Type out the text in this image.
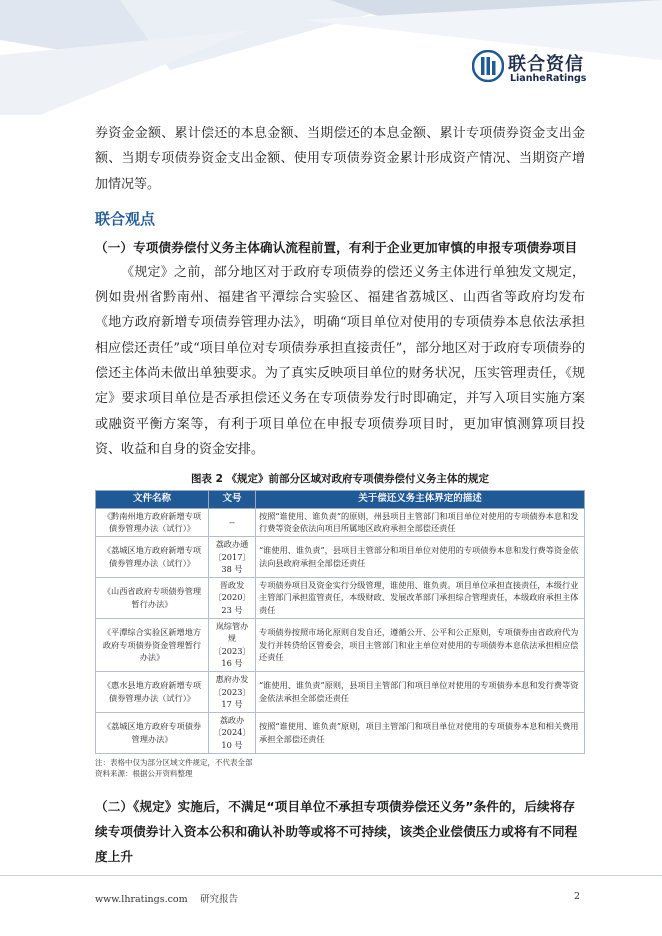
联合资信
LianheRatings

券资金金额、累计偿还的本息金额、当期偿还的本息金额、累计专项债券资金支出金额、当期专项债券资金支出金额、使用专项债券资金累计形成资产情况、当期资产增加情况等。

联合观点

（一）专项债券偿付义务主体确认流程前置，有利于企业更加审慎的申报专项债券项目

《规定》之前，部分地区对于政府专项债券的偿还义务主体进行单独发文规定，例如贵州省黔南州、福建省平潭综合实验区、福建省荔城区、山西省等政府均发布《地方政府新增专项债券管理办法》，明确“项目单位对使用的专项债券本息依法承担相应偿还责任”或“项目单位对专项债券承担直接责任”，部分地区对于政府专项债券的偿还主体尚未做出单独要求。为了真实反映项目单位的财务状况，压实管理责任，《规定》要求项目单位是否承担偿还义务在专项债券发行时即确定，并写入项目实施方案或融资平衡方案等，有利于项目单位在申报专项债券项目时，更加审慎测算项目投资、收益和自身的资金安排。

图表 2 《规定》前部分区域对政府专项债券偿付义务主体的规定
文件名称	文号	关于偿还义务主体界定的描述
《黔南州地方政府新增专项债券管理办法（试行）》	--	按照“谁使用、谁负责”的原则，州县项目主管部门和项目单位对使用的专项债券本息和发行费等资金依法向项目所属地区政府承担全部偿还责任
《荔城区地方政府新增专项债券管理办法（试行）》	荔政办通〔2017〕38 号	“谁使用、谁负责”，县项目主管部分和项目单位对使用的专项债券本息和发行费等资金依法向县政府承担全部偿还责任
《山西省政府专项债券管理暂行办法》	晋政发〔2020〕23 号	专项债券项目及资金实行分级管理，谁使用、谁负责。项目单位承担直接责任，本级行业主管部门承担监管责任，本级财政、发展改革部门承担综合管理责任，本级政府承担主体责任
《平潭综合实验区新增地方政府专项债券资金管理暂行办法》	岚综管办规〔2023〕16 号	专项债券按照市场化原则自发自还，遵循公开、公平和公正原则，专项债券由省政府代为发行并转贷给区管委会，项目主管部门和业主单位对使用的专项债券本息依法承担相应偿还责任
《惠水县地方政府新增专项债券管理办法（试行）》	惠府办发〔2023〕17 号	“谁使用、谁负责”原则，县项目主管部门和项目单位对使用的专项债券本息和发行费等资金依法承担全部偿还责任
《荔城区地方政府专项债券管理办法》	荔政办〔2024〕10 号	按照“谁使用、谁负责”原则，项目主管部门和项目单位对使用的专项债券本息和相关费用承担全部偿还责任
注：表格中仅为部分区域文件规定，不代表全部
资料来源：根据公开资料整理

（二）《规定》实施后，不满足“项目单位不承担专项债券偿还义务”条件的，后续将存续专项债券计入资本公积和确认补助等或将不可持续，该类企业偿债压力或将有不同程度上升

www.lhratings.com　 研究报告	2
